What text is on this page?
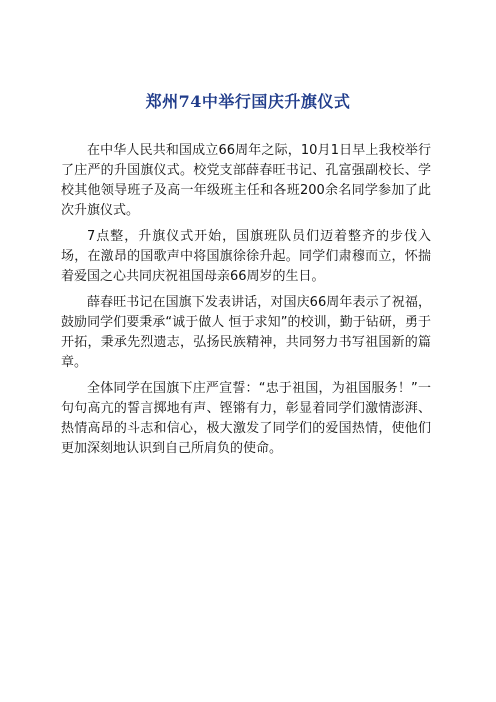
郑州74中举行国庆升旗仪式

在中华人民共和国成立66周年之际，10月1日早上我校举行了庄严的升国旗仪式。校党支部薛春旺书记、孔富强副校长、学校其他领导班子及高一年级班主任和各班200余名同学参加了此次升旗仪式。

7点整，升旗仪式开始，国旗班队员们迈着整齐的步伐入场，在激昂的国歌声中将国旗徐徐升起。同学们肃穆而立，怀揣着爱国之心共同庆祝祖国母亲66周岁的生日。

薛春旺书记在国旗下发表讲话，对国庆66周年表示了祝福，鼓励同学们要秉承“诚于做人 恒于求知”的校训，勤于钻研，勇于开拓，秉承先烈遗志，弘扬民族精神，共同努力书写祖国新的篇章。

全体同学在国旗下庄严宣誓：“忠于祖国，为祖国服务！”一句句高亢的誓言掷地有声、铿锵有力，彰显着同学们激情澎湃、热情高昂的斗志和信心，极大激发了同学们的爱国热情，使他们更加深刻地认识到自己所肩负的使命。
